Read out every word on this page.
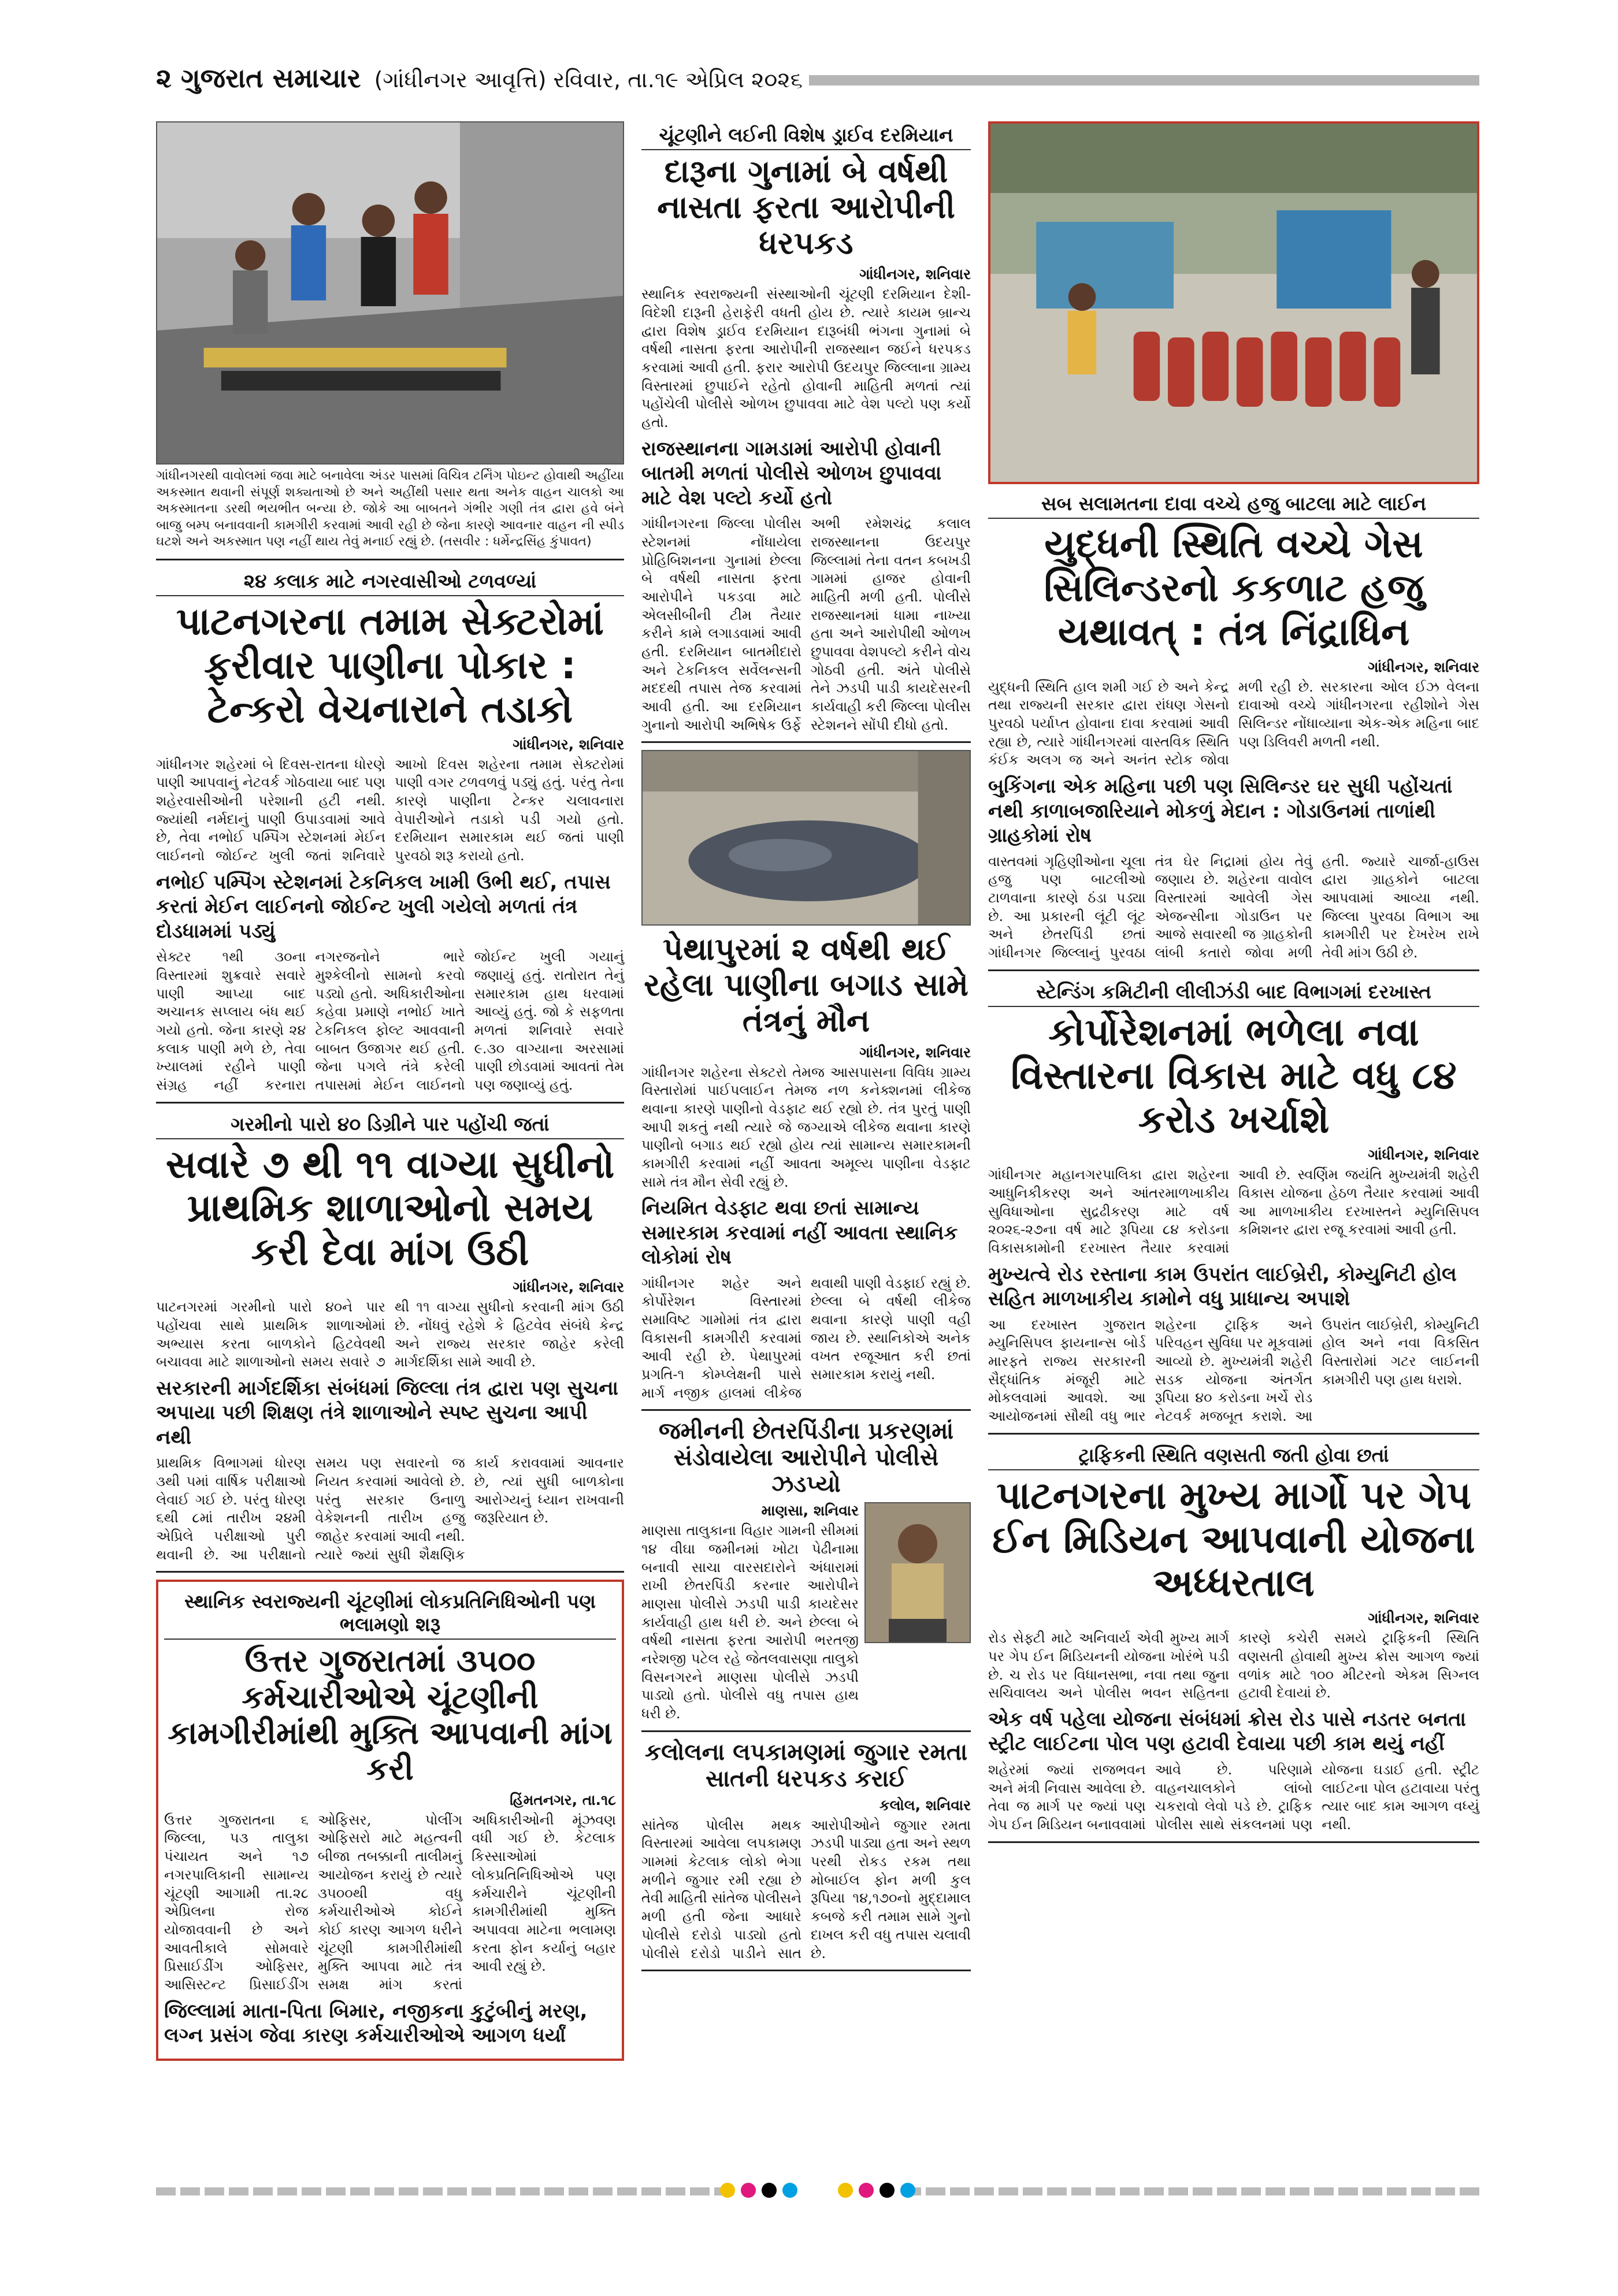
૨ ગુજરાત સમાચાર (ગાંધીનગર આવૃત્તિ) રવિવાર, તા.૧૯ એપ્રિલ ૨૦૨૬
ગાંધીનગરથી વાવોલમાં જવા માટે બનાવેલા અંડર પાસમાં વિચિત્ર ટર્નિંગ પોઇન્ટ હોવાથી અહીંયા અકસ્માત થવાની સંપૂર્ણ શક્યતાઓ છે અને અહીંથી પસાર થતા અનેક વાહન ચાલકો આ અકસ્માતના ડરથી ભયભીત બન્યા છે. જોકે આ બાબતને ગંભીર ગણી તંત્ર દ્વારા હવે બંને બાજુ બમ્પ બનાવવાની કામગીરી કરવામાં આવી રહી છે જેના કારણે આવનાર વાહન ની સ્પીડ ઘટશે અને અકસ્માત પણ નહીં થાય તેવું મનાઈ રહ્યું છે. (તસવીર : ધર્મેન્દ્રસિંહ કુંપાવત)
૨૪ કલાક માટે નગરવાસીઓ ટળવળ્યાં
પાટનગરના તમામ સેક્ટરોમાં ફરીવાર પાણીના પોકાર : ટેન્કરો વેચનારાને તડાકો
ગાંધીનગર, શનિવાર
ગાંધીનગર શહેરમાં બે દિવસ-રાતના ધોરણે પાણી આપવાનું નેટવર્ક ગોઠવાયા બાદ પણ શહેરવાસીઓની પરેશાની હટી નથી. જ્યાંથી નર્મદાનું પાણી ઉપાડવામાં આવે છે, તેવા નભોઈ પમ્પિંગ સ્ટેશનમાં મેઈન લાઈનનો જોઈન્ટ ખુલી જતાં શનિવારે આખો દિવસ શહેરના તમામ સેક્ટરોમાં પાણી વગર ટળવળવું પડ્યું હતું. પરંતુ તેના કારણે પાણીના ટેન્કર ચલાવનારા વેપારીઓને તડાકો પડી ગયો હતો. દરમિયાન સમારકામ થઈ જતાં પાણી પુરવઠો શરૂ કરાયો હતો.
નભોઈ પમ્પિંગ સ્ટેશનમાં ટેકનિકલ ખામી ઉભી થઈ, તપાસ કરતાં મેઈન લાઈનનો જોઈન્ટ ખુલી ગયેલો મળતાં તંત્ર દોડધામમાં પડ્યું
સેક્ટર ૧થી ૩૦ના વિસ્તારમાં શુક્રવારે સવારે પાણી આપ્યા બાદ અચાનક સપ્લાય બંધ થઈ ગયો હતો. જેના કારણે ૨૪ કલાક પાણી મળે છે, તેવા ખ્યાલમાં રહીને પાણી સંગ્રહ નહીં કરનારા નગરજનોને ભારે મુશ્કેલીનો સામનો કરવો પડ્યો હતો. અધિકારીઓના કહેવા પ્રમાણે નભોઈ ખાતે ટેકનિકલ ફોલ્ટ આવવાની બાબત ઉજાગર થઈ હતી. જેના પગલે તંત્રે કરેલી તપાસમાં મેઈન લાઈનનો જોઈન્ટ ખુલી ગયાનું જણાયું હતું. રાતોરાત તેનું સમારકામ હાથ ધરવામાં આવ્યું હતું. જો કે સફળતા મળતાં શનિવારે સવારે ૯.૩૦ વાગ્યાના અરસામાં પાણી છોડવામાં આવતાં તેમ પણ જણાવ્યું હતું.
ગરમીનો પારો ૪૦ ડિગ્રીને પાર પહોંચી જતાં
સવારે ૭ થી ૧૧ વાગ્યા સુધીનો પ્રાથમિક શાળાઓનો સમય કરી દેવા માંગ ઉઠી
ગાંધીનગર, શનિવાર
પાટનગરમાં ગરમીનો પારો ૪૦ને પાર પહોંચવા સાથે પ્રાથમિક શાળાઓમાં અભ્યાસ કરતા બાળકોને હિટવેવથી બચાવવા માટે શાળાઓનો સમય સવારે ૭ થી ૧૧ વાગ્યા સુધીનો કરવાની માંગ ઉઠી છે. નોંધવું રહેશે કે હિટવેવ સંબંધે કેન્દ્ર અને રાજ્ય સરકાર જાહેર કરેલી માર્ગદર્શિકા સામે આવી છે.
સરકારની માર્ગદર્શિકા સંબંધમાં જિલ્લા તંત્ર દ્વારા પણ સુચના અપાયા પછી શિક્ષણ તંત્રે શાળાઓને સ્પષ્ટ સુચના આપી નથી
પ્રાથમિક વિભાગમાં ધોરણ ૩થી ૫માં વાર્ષિક પરીક્ષાઓ લેવાઈ ગઈ છે. પરંતુ ધોરણ ૬થી ૮માં તારીખ ૨૪મી એપ્રિલે પરીક્ષાઓ પુરી થવાની છે. આ પરીક્ષાનો સમય પણ સવારનો જ નિયત કરવામાં આવેલો છે. પરંતુ સરકાર ઉનાળુ વેકેશનની તારીખ હજુ જાહેર કરવામાં આવી નથી. ત્યારે જ્યાં સુધી શૈક્ષણિક કાર્ય કરાવવામાં આવનાર છે, ત્યાં સુધી બાળકોના આરોગ્યનું ધ્યાન રાખવાની જરૂરિયાત છે.
સ્થાનિક સ્વરાજ્યની ચૂંટણીમાં લોકપ્રતિનિધિઓની પણ ભલામણો શરૂ
ઉત્તર ગુજરાતમાં ૩૫૦૦ કર્મચારીઓએ ચૂંટણીની કામગીરીમાંથી મુક્તિ આપવાની માંગ કરી
હિંમતનગર, તા.૧૮
ઉત્તર ગુજરાતના ૬ જિલ્લા, ૫૩ તાલુકા પંચાયત અને ૧૭ નગરપાલિકાની સામાન્ય ચૂંટણી આગામી તા.૨૮ એપ્રિલના રોજ યોજાવવાની છે અને આવતીકાલે સોમવારે પ્રિસાઈડીંગ ઓફિસર, આસિસ્ટન્ટ પ્રિસાઈડીંગ ઓફિસર, પોલીંગ ઓફિસરો માટે મહત્વની બીજા તબક્કાની તાલીમનું આયોજન કરાયું છે ત્યારે ૩૫૦૦થી વધુ કર્મચારીઓએ કોઈને કોઈ કારણ આગળ ધરીને ચૂંટણી કામગીરીમાંથી મુક્તિ આપવા માટે તંત્ર સમક્ષ માંગ કરતાં અધિકારીઓની મૂંઝવણ વધી ગઈ છે. કેટલાક કિસ્સાઓમાં લોકપ્રતિનિધિઓએ પણ કર્મચારીને ચૂંટણીની કામગીરીમાંથી મુક્તિ અપાવવા માટેના ભલામણ કરતા ફોન કર્યાનું બહાર આવી રહ્યું છે.
જિલ્લામાં માતા-પિતા બિમાર, નજીકના કુટુંબીનું મરણ, લગ્ન પ્રસંગ જેવા કારણ કર્મચારીઓએ આગળ ધર્યાં
ચૂંટણીને લઈની વિશેષ ડ્રાઈવ દરમિયાન
દારૂના ગુનામાં બે વર્ષથી નાસતા ફરતા આરોપીની ધરપકડ
ગાંધીનગર, શનિવાર
સ્થાનિક સ્વરાજ્યની સંસ્થાઓની ચૂંટણી દરમિયાન દેશી-વિદેશી દારૂની હેરાફેરી વધતી હોય છે. ત્યારે કાયમ બ્રાન્ચ દ્વારા વિશેષ ડ્રાઈવ દરમિયાન દારૂબંધી ભંગના ગુનામાં બે વર્ષથી નાસતા ફરતા આરોપીની રાજસ્થાન જઈને ધરપકડ કરવામાં આવી હતી. ફરાર આરોપી ઉદયપુર જિલ્લાના ગ્રામ્ય વિસ્તારમાં છુપાઈને રહેતો હોવાની માહિતી મળતાં ત્યાં પહોંચેલી પોલીસે ઓળખ છુપાવવા માટે વેશ પલ્ટો પણ કર્યો હતો.
રાજસ્થાનના ગામડામાં આરોપી હોવાની બાતમી મળતાં પોલીસે ઓળખ છુપાવવા માટે વેશ પલ્ટો કર્યો હતો
ગાંધીનગરના જિલ્લા પોલીસ સ્ટેશનમાં નોંધાયેલા પ્રોહિબિશનના ગુનામાં છેલ્લા બે વર્ષથી નાસતા ફરતા આરોપીને પકડવા માટે એલસીબીની ટીમ તૈયાર કરીને કામે લગાડવામાં આવી હતી. દરમિયાન બાતમીદારો અને ટેકનિકલ સર્વેલન્સની મદદથી તપાસ તેજ કરવામાં આવી હતી. આ દરમિયાન ગુનાનો આરોપી અભિષેક ઉર્ફે અભી રમેશચંદ્ર કલાલ રાજસ્થાનના ઉદયપુર જિલ્લામાં તેના વતન કબખડી ગામમાં હાજર હોવાની માહિતી મળી હતી. પોલીસે રાજસ્થાનમાં ધામા નાખ્યા હતા અને આરોપીથી ઓળખ છુપાવવા વેશપલ્ટો કરીને વોચ ગોઠવી હતી. અંતે પોલીસે તેને ઝડપી પાડી કાયદેસરની કાર્યવાહી કરી જિલ્લા પોલીસ સ્ટેશનને સોંપી દીધો હતો.
પેથાપુરમાં ૨ વર્ષથી થઈ રહેલા પાણીના બગાડ સામે તંત્રનું મૌન
ગાંધીનગર, શનિવાર
ગાંધીનગર શહેરના સેક્ટરો તેમજ આસપાસના વિવિધ ગ્રામ્ય વિસ્તારોમાં પાઈપલાઈન તેમજ નળ કનેક્શનમાં લીકેજ થવાના કારણે પાણીનો વેડફાટ થઈ રહ્યો છે. તંત્ર પુરતું પાણી આપી શકતું નથી ત્યારે જે જગ્યાએ લીકેજ થવાના કારણે પાણીનો બગાડ થઈ રહ્યો હોય ત્યાં સામાન્ય સમારકામની કામગીરી કરવામાં નહીં આવતા અમૂલ્ય પાણીના વેડફાટ સામે તંત્ર મૌન સેવી રહ્યું છે.
નિયમિત વેડફાટ થવા છતાં સામાન્ય સમારકામ કરવામાં નહીં આવતા સ્થાનિક લોકોમાં રોષ
ગાંધીનગર શહેર અને કોર્પોરેશન વિસ્તારમાં સમાવિષ્ટ ગામોમાં તંત્ર દ્વારા વિકાસની કામગીરી કરવામાં આવી રહી છે. પેથાપુરમાં પ્રગતિ-૧ કોમ્પ્લેક્ષની પાસે માર્ગ નજીક હાલમાં લીકેજ થવાથી પાણી વેડફાઈ રહ્યું છે. છેલ્લા બે વર્ષથી લીકેજ થવાના કારણે પાણી વહી જાય છે. સ્થાનિકોએ અનેક વખત રજૂઆત કરી છતાં સમારકામ કરાયું નથી.
જમીનની છેતરપિંડીના પ્રકરણમાં સંડોવાયેલા આરોપીને પોલીસે ઝડપ્યો
માણસા, શનિવાર
માણસા તાલુકાના વિહાર ગામની સીમમાં ૧૪ વીઘા જમીનમાં ખોટા પેઢીનામા બનાવી સાચા વારસદારોને અંધારામાં રાખી છેતરપિંડી કરનાર આરોપીને માણસા પોલીસે ઝડપી પાડી કાયદેસર કાર્યવાહી હાથ ધરી છે. અને છેલ્લા બે વર્ષથી નાસતા ફરતા આરોપી ભરતજી નરેશજી પટેલ રહે જેતલવાસણા તાલુકો વિસનગરને માણસા પોલીસે ઝડપી પાડ્યો હતો. પોલીસે વધુ તપાસ હાથ ધરી છે.
કલોલના લપકામણમાં જુગાર રમતા સાતની ધરપકડ કરાઈ
કલોલ, શનિવાર
સાંતેજ પોલીસ મથક વિસ્તારમાં આવેલા લપકામણ ગામમાં કેટલાક લોકો ભેગા મળીને જુગાર રમી રહ્યા છે તેવી માહિતી સાંતેજ પોલીસને મળી હતી જેના આધારે પોલીસે દરોડો પાડ્યો હતો પોલીસે દરોડો પાડીને સાત આરોપીઓને જુગાર રમતા ઝડપી પાડ્યા હતા અને સ્થળ પરથી રોકડ રકમ તથા મોબાઈલ ફોન મળી કુલ રૂપિયા ૧૪,૧૭૦નો મુદ્દામાલ કબજે કરી તમામ સામે ગુનો દાખલ કરી વધુ તપાસ ચલાવી છે.
સબ સલામતના દાવા વચ્ચે હજુ બાટલા માટે લાઈન
યુદ્ધની સ્થિતિ વચ્ચે ગેસ સિલિન્ડરનો કકળાટ હજુ યથાવત્ : તંત્ર નિંદ્રાધિન
ગાંધીનગર, શનિવાર
યુદ્ધની સ્થિતિ હાલ શમી ગઈ છે અને કેન્દ્ર તથા રાજ્યની સરકાર દ્વારા રાંધણ ગેસનો પુરવઠો પર્યાપ્ત હોવાના દાવા કરવામાં આવી રહ્યા છે, ત્યારે ગાંધીનગરમાં વાસ્તવિક સ્થિતિ કંઈક અલગ જ અને અનંત સ્ટોક જોવા મળી રહી છે. સરકારના ઓલ ઈઝ વેલના દાવાઓ વચ્ચે ગાંધીનગરના રહીશોને ગેસ સિલિન્ડર નોંધાવ્યાના એક-એક મહિના બાદ પણ ડિલિવરી મળતી નથી.
બુકિંગના એક મહિના પછી પણ સિલિન્ડર ઘર સુધી પહોંચતાં નથી કાળાબજારિયાને મોકળું મેદાન : ગોડાઉનમાં તાળાંથી ગ્રાહકોમાં રોષ
વાસ્તવમાં ગૃહિણીઓના ચૂલા હજુ પણ બાટલીઓ ટાળવાના કારણે ઠંડા પડ્યા છે. આ પ્રકારની લૂંટી લૂંટ અને છેતરપિંડી છતાં ગાંધીનગર જિલ્લાનું પુરવઠા તંત્ર ઘેર નિદ્રામાં હોય તેવું જણાય છે. શહેરના વાવોલ વિસ્તારમાં આવેલી ગેસ એજન્સીના ગોડાઉન પર આજે સવારથી જ ગ્રાહકોની લાંબી કતારો જોવા મળી હતી. જ્યારે ચાર્જા-હાઉસ દ્વારા ગ્રાહકોને બાટલા આપવામાં આવ્યા નથી. જિલ્લા પુરવઠા વિભાગ આ કામગીરી પર દેખરેખ રાખે તેવી માંગ ઉઠી છે.
સ્ટેન્ડિંગ કમિટીની લીલીઝંડી બાદ વિભાગમાં દરખાસ્ત
કોર્પોરેશનમાં ભળેલા નવા વિસ્તારના વિકાસ માટે વધુ ૮૪ કરોડ ખર્ચાશે
ગાંધીનગર, શનિવાર
ગાંધીનગર મહાનગરપાલિકા દ્વારા શહેરના આધુનિકીકરણ અને આંતરમાળખાકીય સુવિધાઓના સુદ્રઢીકરણ માટે વર્ષ ૨૦૨૬-૨૭ના વર્ષ માટે રૂપિયા ૮૪ કરોડના વિકાસકામોની દરખાસ્ત તૈયાર કરવામાં આવી છે. સ્વર્ણિમ જયંતિ મુખ્યમંત્રી શહેરી વિકાસ યોજના હેઠળ તૈયાર કરવામાં આવી આ માળખાકીય દરખાસ્તને મ્યુનિસિપલ કમિશનર દ્વારા રજૂ કરવામાં આવી હતી.
મુખ્યત્વે રોડ રસ્તાના કામ ઉપરાંત લાઈબ્રેરી, કોમ્યુનિટી હોલ સહિત માળખાકીય કામોને વધુ પ્રાધાન્ય અપાશે
આ દરખાસ્ત ગુજરાત મ્યુનિસિપલ ફાયનાન્સ બોર્ડ મારફતે રાજ્ય સરકારની સૈદ્ધાંતિક મંજૂરી માટે મોકલવામાં આવશે. આ આયોજનમાં સૌથી વધુ ભાર શહેરના ટ્રાફિક અને પરિવહન સુવિધા પર મૂકવામાં આવ્યો છે. મુખ્યમંત્રી શહેરી સડક યોજના અંતર્ગત રૂપિયા ૪૦ કરોડના ખર્ચે રોડ નેટવર્ક મજબૂત કરાશે. આ ઉપરાંત લાઈબ્રેરી, કોમ્યુનિટી હોલ અને નવા વિકસિત વિસ્તારોમાં ગટર લાઈનની કામગીરી પણ હાથ ધરાશે.
ટ્રાફિકની સ્થિતિ વણસતી જતી હોવા છતાં
પાટનગરના મુખ્ય માર્ગો પર ગેપ ઈન મિડિયન આપવાની યોજના અધ્ધરતાલ
ગાંધીનગર, શનિવાર
રોડ સેફ્ટી માટે અનિવાર્ય એવી મુખ્ય માર્ગ પર ગેપ ઈન મિડિયનની યોજના ખોરંભે પડી છે. ચ રોડ પર વિધાનસભા, નવા તથા જુના સચિવાલય અને પોલીસ ભવન સહિતના કારણે કચેરી સમયે ટ્રાફિકની સ્થિતિ વણસતી હોવાથી મુખ્ય ક્રોસ આગળ જ્યાં વળાંક માટે ૧૦૦ મીટરનો એકમ સિગ્નલ હટાવી દેવાયાં છે.
એક વર્ષ પહેલા યોજના સંબંધમાં ક્રોસ રોડ પાસે નડતર બનતા સ્ટ્રીટ લાઈટના પોલ પણ હટાવી દેવાયા પછી કામ થયું નહીં
શહેરમાં જ્યાં રાજભવન અને મંત્રી નિવાસ આવેલા છે. તેવા જ માર્ગ પર જ્યાં પણ ગેપ ઈન મિડિયન બનાવવામાં આવે છે. પરિણામે વાહનચાલકોને લાંબો ચકરાવો લેવો પડે છે. ટ્રાફિક પોલીસ સાથે સંકલનમાં પણ યોજના ઘડાઈ હતી. સ્ટ્રીટ લાઈટના પોલ હટાવાયા પરંતુ ત્યાર બાદ કામ આગળ વધ્યું નથી.
